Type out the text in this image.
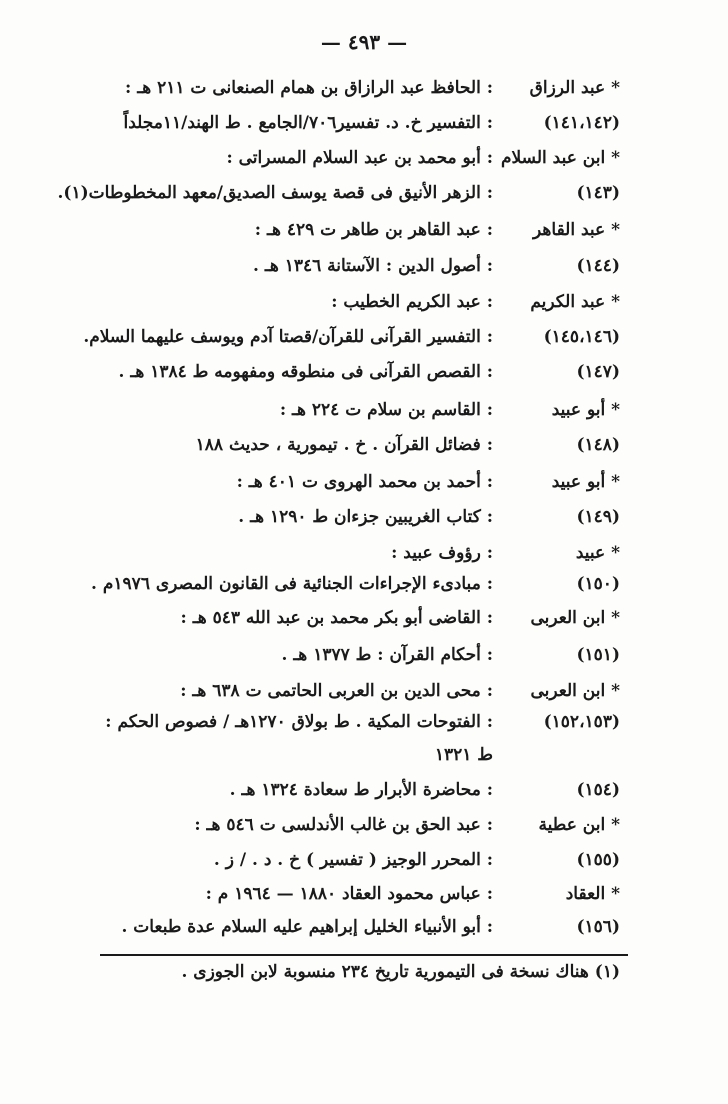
— ٤٩٣ —
* عبد الرزاق
: الحافظ عبد الرازاق بن همام الصنعانى ت ٢١١ هـ :
(١٤١،١٤٢)
: التفسير خ. د. تفسير٧٠٦/الجامع . ط الهند/١١مجلداً
* ابن عبد السلام
: أبو محمد بن عبد السلام المسراتى :
(١٤٣)
: الزهر الأنيق فى قصة يوسف الصديق/معهد المخطوطات(١).
* عبد القاهر
: عبد القاهر بن طاهر ت ٤٢٩ هـ :
(١٤٤)
: أصول الدين : الآستانة ١٣٤٦ هـ .
* عبد الكريم
: عبد الكريم الخطيب :
(١٤٥،١٤٦)
: التفسير القرآنى للقرآن/قصتا آدم ويوسف عليهما السلام.
(١٤٧)
: القصص القرآنى فى منطوقه ومفهومه ط ١٣٨٤ هـ .
* أبو عبيد
: القاسم بن سلام ت ٢٢٤ هـ :
(١٤٨)
: فضائل القرآن . خ . تيمورية ، حديث ١٨٨
* أبو عبيد
: أحمد بن محمد الهروى ت ٤٠١ هـ :
(١٤٩)
: كتاب الغريبين جزءان ط ١٢٩٠ هـ .
* عبيد
: رؤوف عبيد :
(١٥٠)
: مبادىء الإجراءات الجنائية فى القانون المصرى ١٩٧٦م .
* ابن العربى
: القاضى أبو بكر محمد بن عبد الله ٥٤٣ هـ :
(١٥١)
: أحكام القرآن : ط ١٣٧٧ هـ .
* ابن العربى
: محى الدين بن العربى الحاتمى ت ٦٣٨ هـ :
(١٥٢،١٥٣)
: الفتوحات المكية . ط بولاق ١٢٧٠هـ / فصوص الحكم :
ط ١٣٢١
(١٥٤)
: محاضرة الأبرار ط سعادة ١٣٢٤ هـ .
* ابن عطية
: عبد الحق بن غالب الأندلسى ت ٥٤٦ هـ :
(١٥٥)
: المحرر الوجيز ( تفسير ) خ . د . / ز .
* العقاد
: عباس محمود العقاد ١٨٨٠ — ١٩٦٤ م :
(١٥٦)
: أبو الأنبياء الخليل إبراهيم عليه السلام عدة طبعات .
(١) هناك نسخة فى التيمورية تاريخ ٢٣٤ منسوبة لابن الجوزى .
